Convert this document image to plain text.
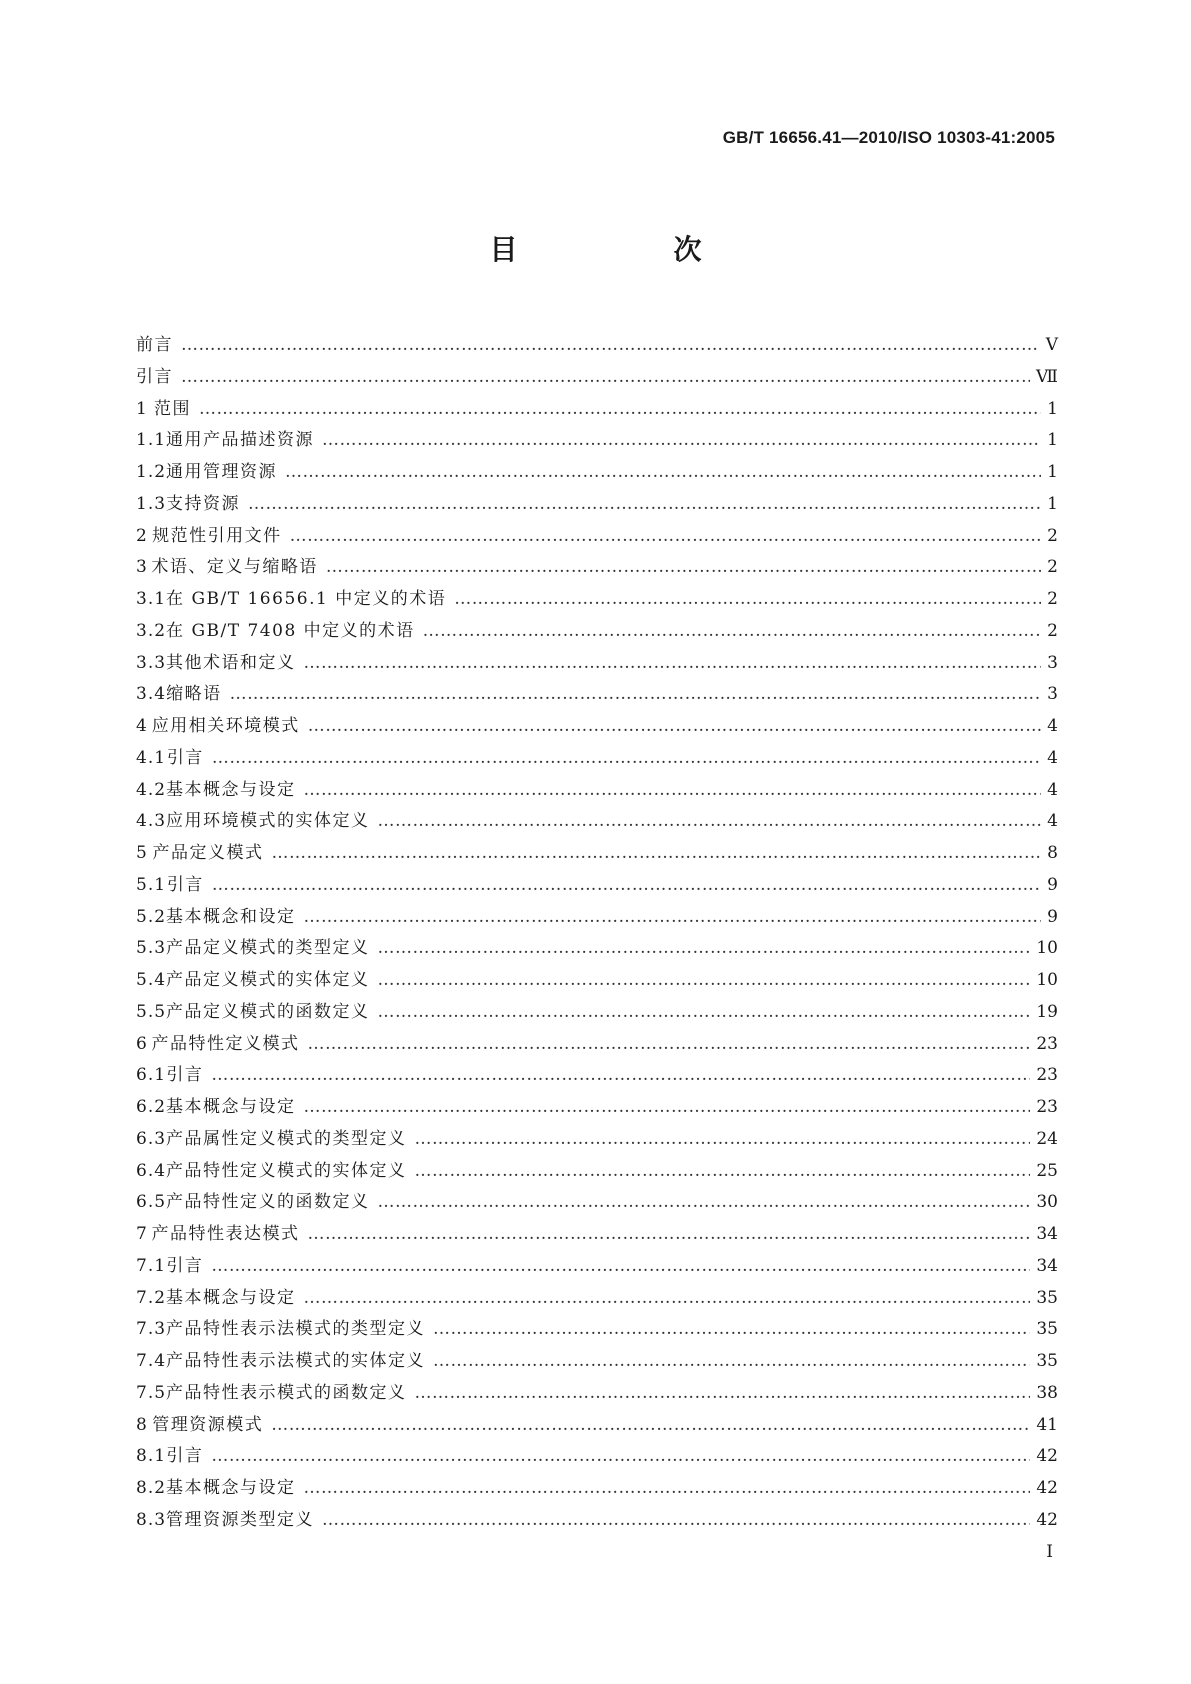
GB/T 16656.41—2010/ISO 10303-41:2005
目　次
前言 ……………………………………………………………………………………………………………………………………………………………………………………………………………………	Ⅴ
引言 ……………………………………………………………………………………………………………………………………………………………………………………………………………………	Ⅶ
1 范围 ……………………………………………………………………………………………………………………………………………………………………………………………………………………	1
1.1 通用产品描述资源 ……………………………………………………………………………………………………………………………………………………………………………………………………………………	1
1.2 通用管理资源 ……………………………………………………………………………………………………………………………………………………………………………………………………………………	1
1.3 支持资源 ……………………………………………………………………………………………………………………………………………………………………………………………………………………	1
2 规范性引用文件 ……………………………………………………………………………………………………………………………………………………………………………………………………………………	2
3 术语、定义与缩略语 ……………………………………………………………………………………………………………………………………………………………………………………………………………………	2
3.1 在 GB/T 16656.1 中定义的术语 ……………………………………………………………………………………………………………………………………………………………………………………………………………………	2
3.2 在 GB/T 7408 中定义的术语 ……………………………………………………………………………………………………………………………………………………………………………………………………………………	2
3.3 其他术语和定义 ……………………………………………………………………………………………………………………………………………………………………………………………………………………	3
3.4 缩略语 ……………………………………………………………………………………………………………………………………………………………………………………………………………………	3
4 应用相关环境模式 ……………………………………………………………………………………………………………………………………………………………………………………………………………………	4
4.1 引言 ……………………………………………………………………………………………………………………………………………………………………………………………………………………	4
4.2 基本概念与设定 ……………………………………………………………………………………………………………………………………………………………………………………………………………………	4
4.3 应用环境模式的实体定义 ……………………………………………………………………………………………………………………………………………………………………………………………………………………	4
5 产品定义模式 ……………………………………………………………………………………………………………………………………………………………………………………………………………………	8
5.1 引言 ……………………………………………………………………………………………………………………………………………………………………………………………………………………	9
5.2 基本概念和设定 ……………………………………………………………………………………………………………………………………………………………………………………………………………………	9
5.3 产品定义模式的类型定义 ……………………………………………………………………………………………………………………………………………………………………………………………………………………	10
5.4 产品定义模式的实体定义 ……………………………………………………………………………………………………………………………………………………………………………………………………………………	10
5.5 产品定义模式的函数定义 ……………………………………………………………………………………………………………………………………………………………………………………………………………………	19
6 产品特性定义模式 ……………………………………………………………………………………………………………………………………………………………………………………………………………………	23
6.1 引言 ……………………………………………………………………………………………………………………………………………………………………………………………………………………	23
6.2 基本概念与设定 ……………………………………………………………………………………………………………………………………………………………………………………………………………………	23
6.3 产品属性定义模式的类型定义 ……………………………………………………………………………………………………………………………………………………………………………………………………………………	24
6.4 产品特性定义模式的实体定义 ……………………………………………………………………………………………………………………………………………………………………………………………………………………	25
6.5 产品特性定义的函数定义 ……………………………………………………………………………………………………………………………………………………………………………………………………………………	30
7 产品特性表达模式 ……………………………………………………………………………………………………………………………………………………………………………………………………………………	34
7.1 引言 ……………………………………………………………………………………………………………………………………………………………………………………………………………………	34
7.2 基本概念与设定 ……………………………………………………………………………………………………………………………………………………………………………………………………………………	35
7.3 产品特性表示法模式的类型定义 ……………………………………………………………………………………………………………………………………………………………………………………………………………………	35
7.4 产品特性表示法模式的实体定义 ……………………………………………………………………………………………………………………………………………………………………………………………………………………	35
7.5 产品特性表示模式的函数定义 ……………………………………………………………………………………………………………………………………………………………………………………………………………………	38
8 管理资源模式 ……………………………………………………………………………………………………………………………………………………………………………………………………………………	41
8.1 引言 ……………………………………………………………………………………………………………………………………………………………………………………………………………………	42
8.2 基本概念与设定 ……………………………………………………………………………………………………………………………………………………………………………………………………………………	42
8.3 管理资源类型定义 ……………………………………………………………………………………………………………………………………………………………………………………………………………………	42
I
